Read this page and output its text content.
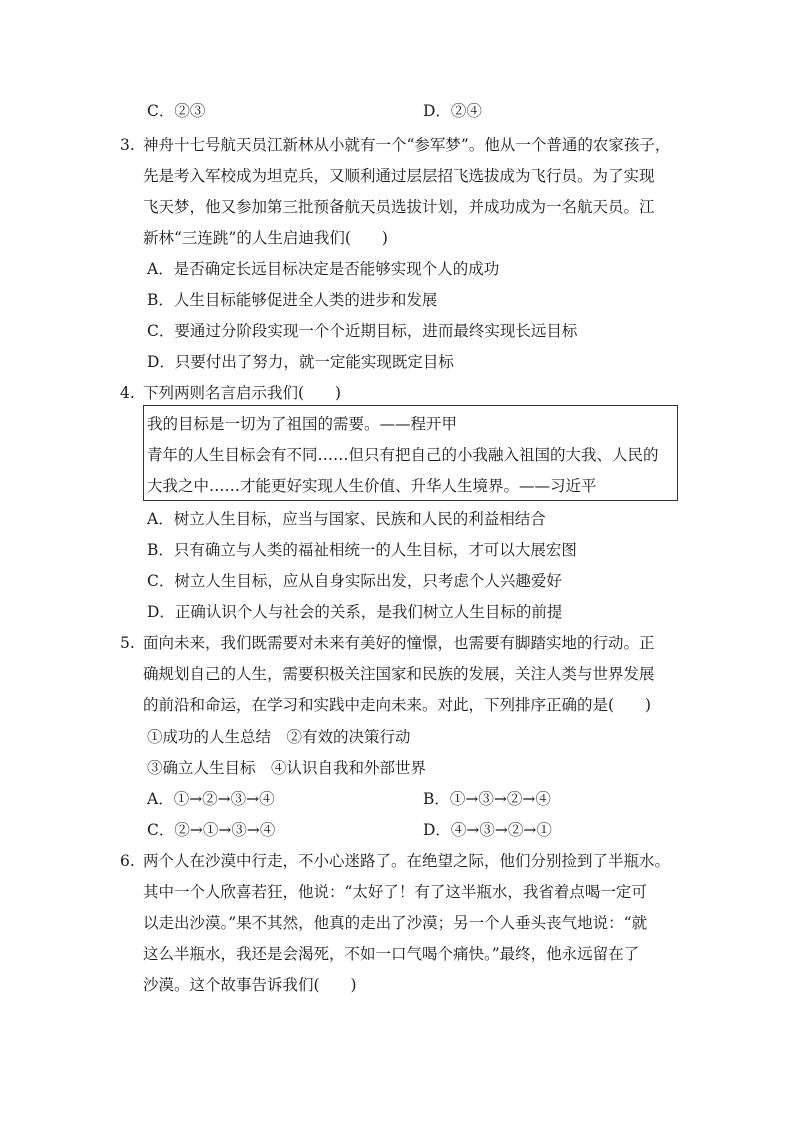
C．②③	D．②④
3. 神舟十七号航天员江新林从小就有一个“参军梦”。他从一个普通的农家孩子，
先是考入军校成为坦克兵，又顺利通过层层招飞选拔成为飞行员。为了实现
飞天梦，他又参加第三批预备航天员选拔计划，并成功成为一名航天员。江
新林“三连跳”的人生启迪我们(　　)
A．是否确定长远目标决定是否能够实现个人的成功
B．人生目标能够促进全人类的进步和发展
C．要通过分阶段实现一个个近期目标，进而最终实现长远目标
D．只要付出了努力，就一定能实现既定目标
4. 下列两则名言启示我们(　　)
我的目标是一切为了祖国的需要。——程开甲
青年的人生目标会有不同……但只有把自己的小我融入祖国的大我、人民的
大我之中……才能更好实现人生价值、升华人生境界。——习近平
A．树立人生目标，应当与国家、民族和人民的利益相结合
B．只有确立与人类的福祉相统一的人生目标，才可以大展宏图
C．树立人生目标，应从自身实际出发，只考虑个人兴趣爱好
D．正确认识个人与社会的关系，是我们树立人生目标的前提
5. 面向未来，我们既需要对未来有美好的憧憬，也需要有脚踏实地的行动。正
确规划自己的人生，需要积极关注国家和民族的发展，关注人类与世界发展
的前沿和命运，在学习和实践中走向未来。对此，下列排序正确的是(　　)
①成功的人生总结　②有效的决策行动
③确立人生目标　④认识自我和外部世界
A．①→②→③→④	B．①→③→②→④
C．②→①→③→④	D．④→③→②→①
6. 两个人在沙漠中行走，不小心迷路了。在绝望之际，他们分别捡到了半瓶水。
其中一个人欣喜若狂，他说：“太好了！有了这半瓶水，我省着点喝一定可
以走出沙漠。”果不其然，他真的走出了沙漠；另一个人垂头丧气地说：“就
这么半瓶水，我还是会渴死，不如一口气喝个痛快。”最终，他永远留在了
沙漠。这个故事告诉我们(　　)
